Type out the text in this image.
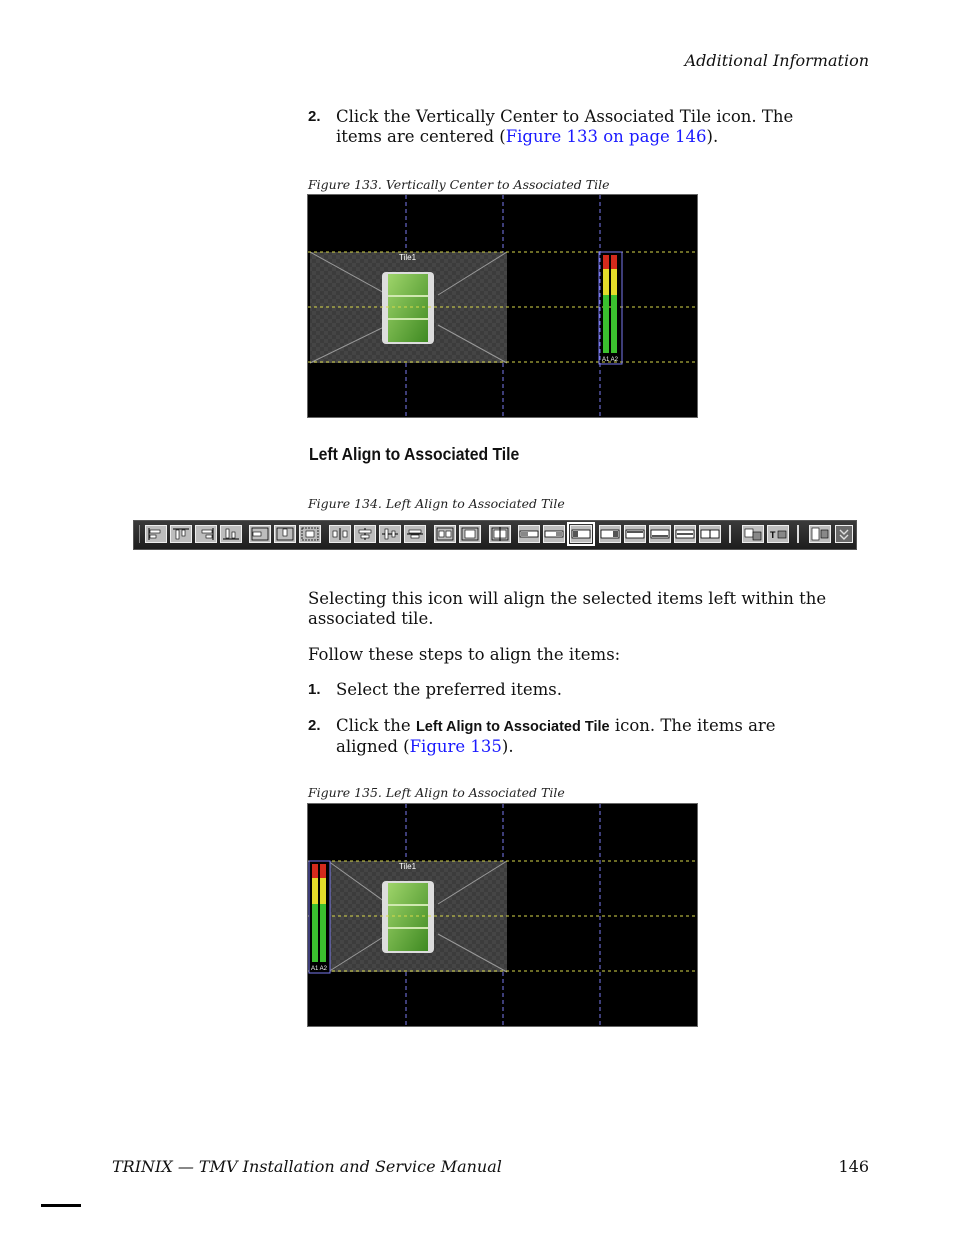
Additional Information
2. Click the Vertically Center to Associated Tile icon. The items are centered (Figure 133 on page 146).
Figure 133. Vertically Center to Associated Tile
Tile1
A1 A2
Left Align to Associated Tile
Figure 134. Left Align to Associated Tile
T
Selecting this icon will align the selected items left within the associated tile.
Follow these steps to align the items:
1. Select the preferred items.
2. Click the Left Align to Associated Tile icon. The items are aligned (Figure 135).
Figure 135. Left Align to Associated Tile
Tile1
A1 A2
TRINIX — TMV Installation and Service Manual	146
